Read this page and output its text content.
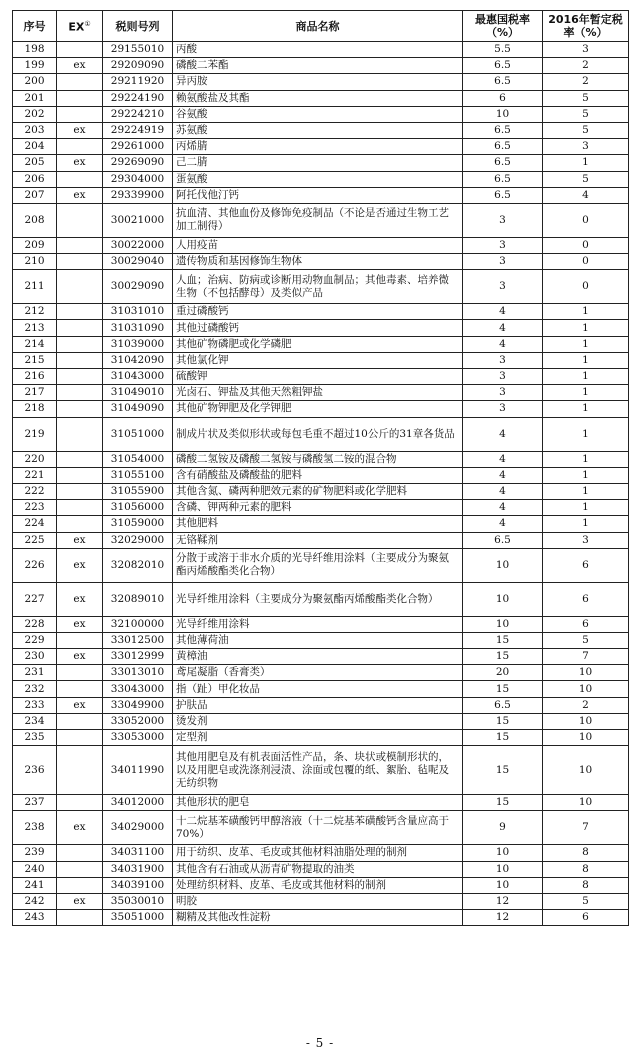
序号	EX①	税则号列	商品名称	最惠国税率（%）	2016年暂定税率（%）
198		29155010	丙酸	5.5	3
199	ex	29209090	磷酸二苯酯	6.5	2
200		29211920	异丙胺	6.5	2
201		29224190	赖氨酸盐及其酯	6	5
202		29224210	谷氨酸	10	5
203	ex	29224919	苏氨酸	6.5	5
204		29261000	丙烯腈	6.5	3
205	ex	29269090	己二腈	6.5	1
206		29304000	蛋氨酸	6.5	5
207	ex	29339900	阿托伐他汀钙	6.5	4
208		30021000	抗血清、其他血份及修饰免疫制品（不论是否通过生物工艺加工制得）	3	0
209		30022000	人用疫苗	3	0
210		30029040	遗传物质和基因修饰生物体	3	0
211		30029090	人血；治病、防病或诊断用动物血制品；其他毒素、培养微生物（不包括酵母）及类似产品	3	0
212		31031010	重过磷酸钙	4	1
213		31031090	其他过磷酸钙	4	1
214		31039000	其他矿物磷肥或化学磷肥	4	1
215		31042090	其他氯化钾	3	1
216		31043000	硫酸钾	3	1
217		31049010	光卤石、钾盐及其他天然粗钾盐	3	1
218		31049090	其他矿物钾肥及化学钾肥	3	1
219		31051000	制成片状及类似形状或每包毛重不超过10公斤的31章各货品	4	1
220		31054000	磷酸二氢铵及磷酸二氢铵与磷酸氢二铵的混合物	4	1
221		31055100	含有硝酸盐及磷酸盐的肥料	4	1
222		31055900	其他含氮、磷两种肥效元素的矿物肥料或化学肥料	4	1
223		31056000	含磷、钾两种元素的肥料	4	1
224		31059000	其他肥料	4	1
225	ex	32029000	无铬鞣剂	6.5	3
226	ex	32082010	分散于或溶于非水介质的光导纤维用涂料（主要成分为聚氨酯丙烯酸酯类化合物）	10	6
227	ex	32089010	光导纤维用涂料（主要成分为聚氨酯丙烯酸酯类化合物）	10	6
228	ex	32100000	光导纤维用涂料	10	6
229		33012500	其他薄荷油	15	5
230	ex	33012999	黄樟油	15	7
231		33013010	鸢尾凝脂（香膏类）	20	10
232		33043000	指（趾）甲化妆品	15	10
233	ex	33049900	护肤品	6.5	2
234		33052000	烫发剂	15	10
235		33053000	定型剂	15	10
236		34011990	其他用肥皂及有机表面活性产品，条、块状或模制形状的，以及用肥皂或洗涤剂浸渍、涂面或包覆的纸、絮胎、毡呢及无纺织物	15	10
237		34012000	其他形状的肥皂	15	10
238	ex	34029000	十二烷基苯磺酸钙甲醇溶液（十二烷基苯磺酸钙含量应高于70%）	9	7
239		34031100	用于纺织、皮革、毛皮或其他材料油脂处理的制剂	10	8
240		34031900	其他含有石油或从沥青矿物提取的油类	10	8
241		34039100	处理纺织材料、皮革、毛皮或其他材料的制剂	10	8
242	ex	35030010	明胶	12	5
243		35051000	糊精及其他改性淀粉	12	6
- 5 -
